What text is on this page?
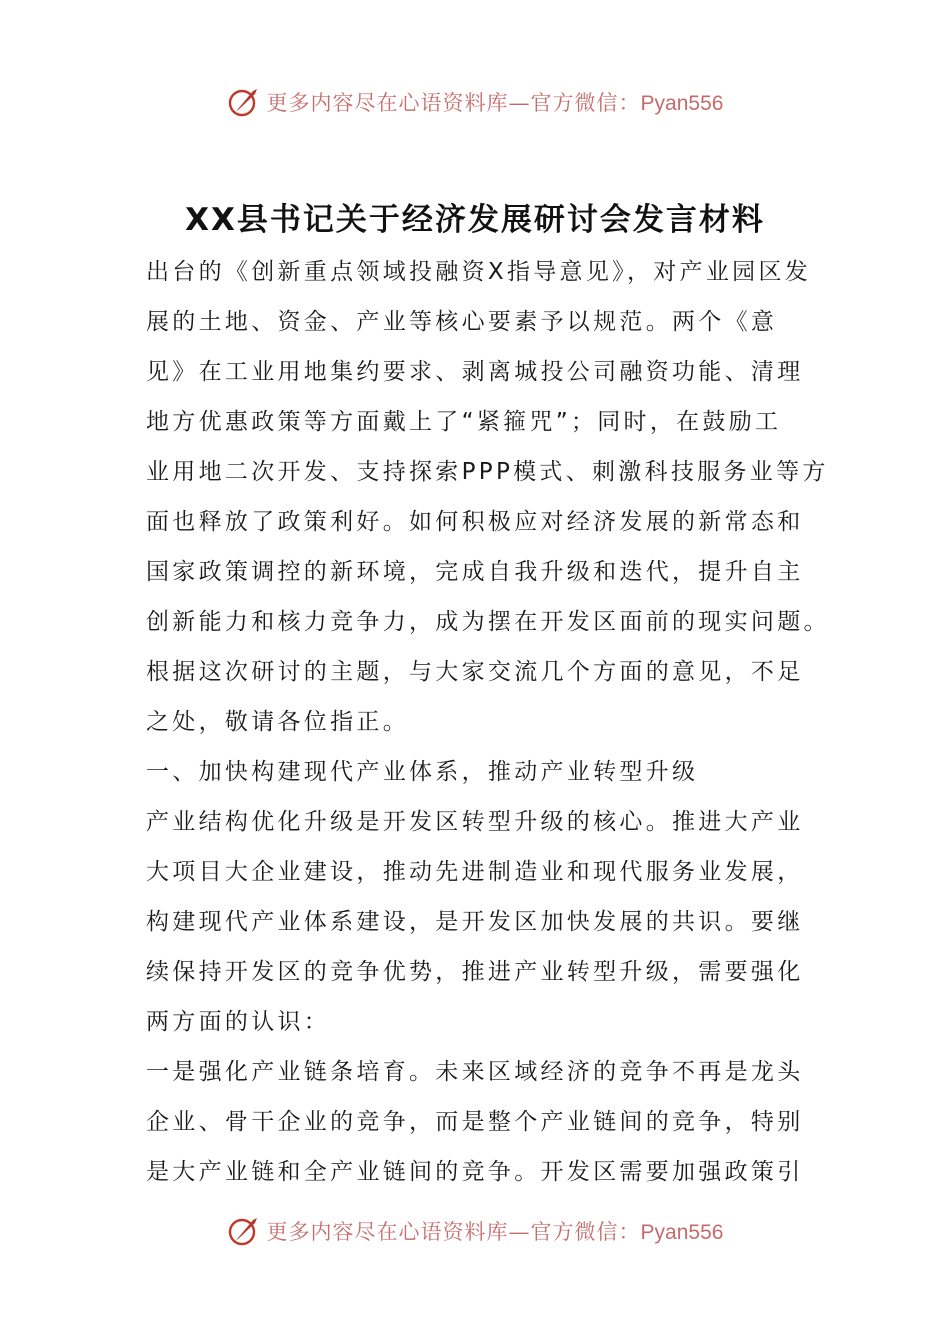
更多内容尽在心语资料库—官方微信：Pyan556
XX县书记关于经济发展研讨会发言材料
出台的《创新重点领域投融资X指导意见》，对产业园区发
展的土地、资金、产业等核心要素予以规范。两个《意
见》在工业用地集约要求、剥离城投公司融资功能、清理
地方优惠政策等方面戴上了“紧箍咒”；同时，在鼓励工
业用地二次开发、支持探索PPP模式、刺激科技服务业等方
面也释放了政策利好。如何积极应对经济发展的新常态和
国家政策调控的新环境，完成自我升级和迭代，提升自主
创新能力和核力竞争力，成为摆在开发区面前的现实问题。
根据这次研讨的主题，与大家交流几个方面的意见，不足
之处，敬请各位指正。
一、加快构建现代产业体系，推动产业转型升级
产业结构优化升级是开发区转型升级的核心。推进大产业
大项目大企业建设，推动先进制造业和现代服务业发展，
构建现代产业体系建设，是开发区加快发展的共识。要继
续保持开发区的竞争优势，推进产业转型升级，需要强化
两方面的认识：
一是强化产业链条培育。未来区域经济的竞争不再是龙头
企业、骨干企业的竞争，而是整个产业链间的竞争，特别
是大产业链和全产业链间的竞争。开发区需要加强政策引
更多内容尽在心语资料库—官方微信：Pyan556
